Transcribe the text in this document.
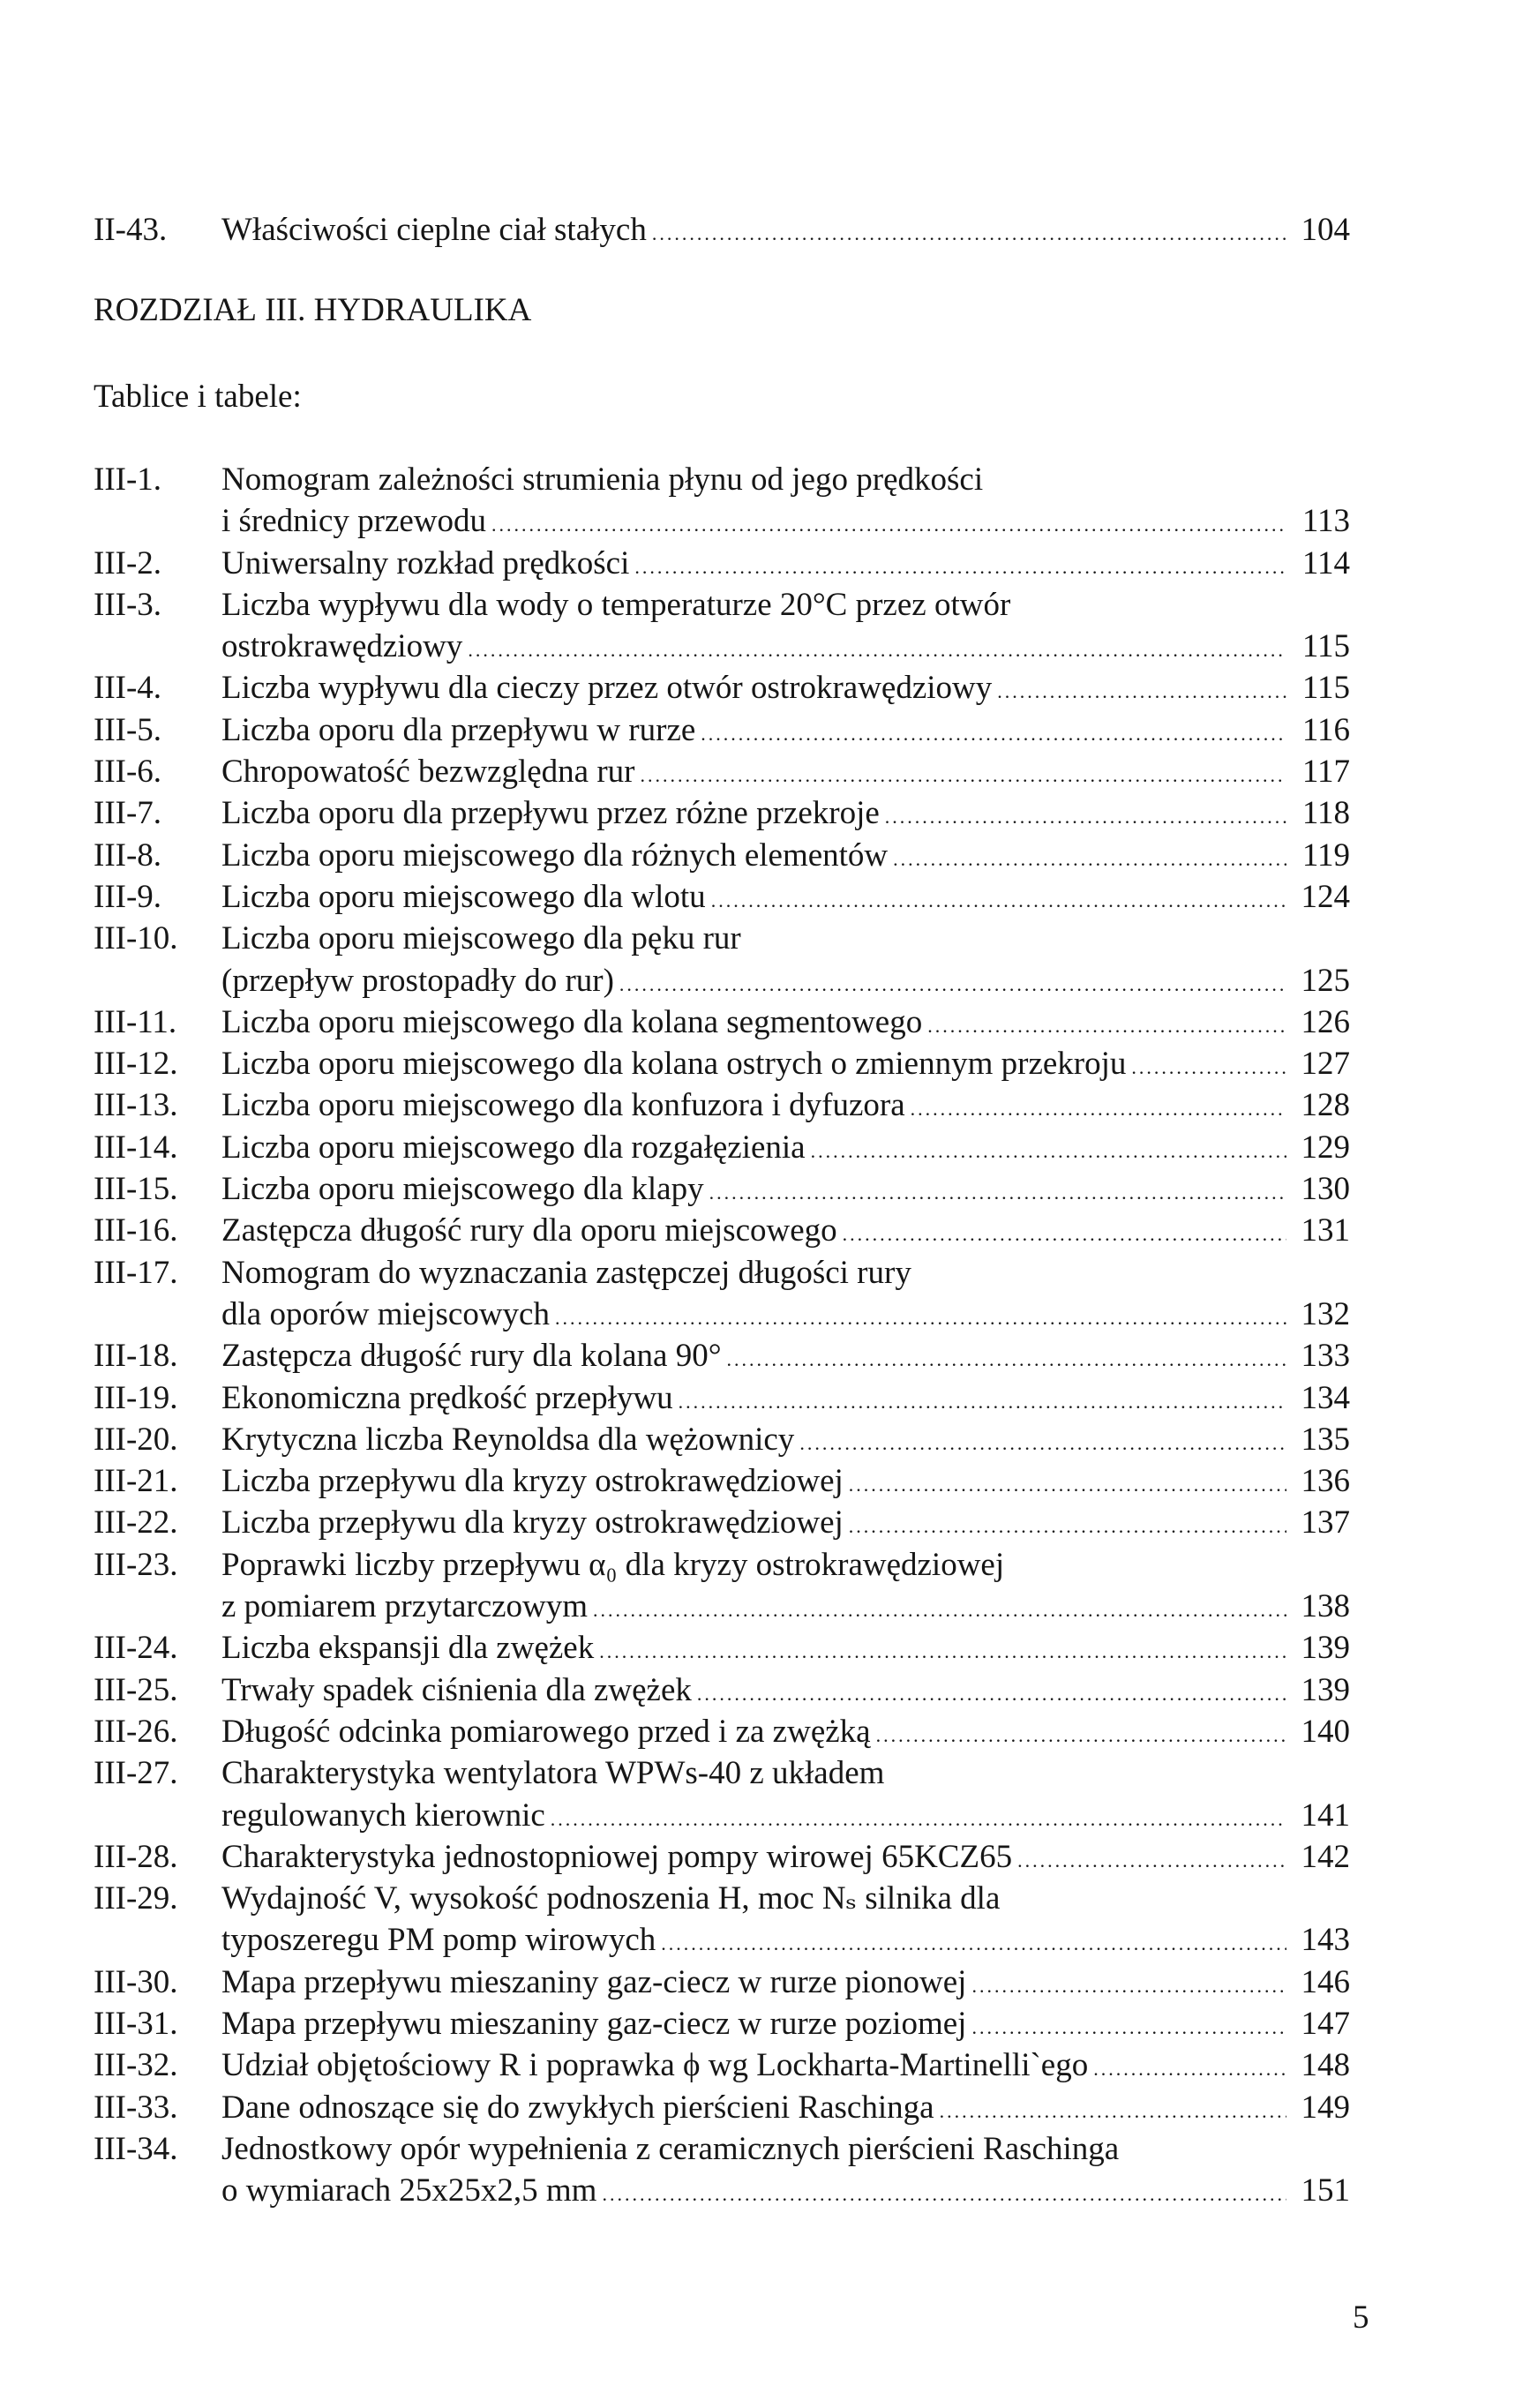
II-43.	Właściwości cieplne ciał stałych .....	104
ROZDZIAŁ III. HYDRAULIKA
Tablice i tabele:
III-1.	Nomogram zależności strumienia płynu od jego prędkości
i średnicy przewodu .....	113
III-2.	Uniwersalny rozkład prędkości .....	114
III-3.	Liczba wypływu dla wody o temperaturze 20°C przez otwór
ostrokrawędziowy .....	115
III-4.	Liczba wypływu dla cieczy przez otwór ostrokrawędziowy .....	115
III-5.	Liczba oporu dla przepływu w rurze .....	116
III-6.	Chropowatość bezwzględna rur .....	117
III-7.	Liczba oporu dla przepływu przez różne przekroje .....	118
III-8.	Liczba oporu miejscowego dla różnych elementów .....	119
III-9.	Liczba oporu miejscowego dla wlotu .....	124
III-10.	Liczba oporu miejscowego dla pęku rur
(przepływ prostopadły do rur) .....	125
III-11.	Liczba oporu miejscowego dla kolana segmentowego .....	126
III-12.	Liczba oporu miejscowego dla kolana ostrych o zmiennym przekroju .....	127
III-13.	Liczba oporu miejscowego dla konfuzora i dyfuzora .....	128
III-14.	Liczba oporu miejscowego dla rozgałęzienia .....	129
III-15.	Liczba oporu miejscowego dla klapy .....	130
III-16.	Zastępcza długość rury dla oporu miejscowego .....	131
III-17.	Nomogram do wyznaczania zastępczej długości rury
dla oporów miejscowych .....	132
III-18.	Zastępcza długość rury dla kolana 90° .....	133
III-19.	Ekonomiczna prędkość przepływu .....	134
III-20.	Krytyczna liczba Reynoldsa dla wężownicy .....	135
III-21.	Liczba przepływu dla kryzy ostrokrawędziowej .....	136
III-22.	Liczba przepływu dla kryzy ostrokrawędziowej .....	137
III-23.	Poprawki liczby przepływu α₀ dla kryzy ostrokrawędziowej
z pomiarem przytarczowym .....	138
III-24.	Liczba ekspansji dla zwężek .....	139
III-25.	Trwały spadek ciśnienia dla zwężek .....	139
III-26.	Długość odcinka pomiarowego przed i za zwężką .....	140
III-27.	Charakterystyka wentylatora WPWs-40 z układem
regulowanych kierownic .....	141
III-28.	Charakterystyka jednostopniowej pompy wirowej 65KCZ65 .....	142
III-29.	Wydajność V, wysokość podnoszenia H, moc Nₛ silnika dla
typoszeregu PM pomp wirowych .....	143
III-30.	Mapa przepływu mieszaniny gaz-ciecz w rurze pionowej .....	146
III-31.	Mapa przepływu mieszaniny gaz-ciecz w rurze poziomej .....	147
III-32.	Udział objętościowy R i poprawka ϕ wg Lockharta-Martinelli`ego .....	148
III-33.	Dane odnoszące się do zwykłych pierścieni Raschinga .....	149
III-34.	Jednostkowy opór wypełnienia z ceramicznych pierścieni Raschinga
o wymiarach 25x25x2,5 mm .....	151
5
